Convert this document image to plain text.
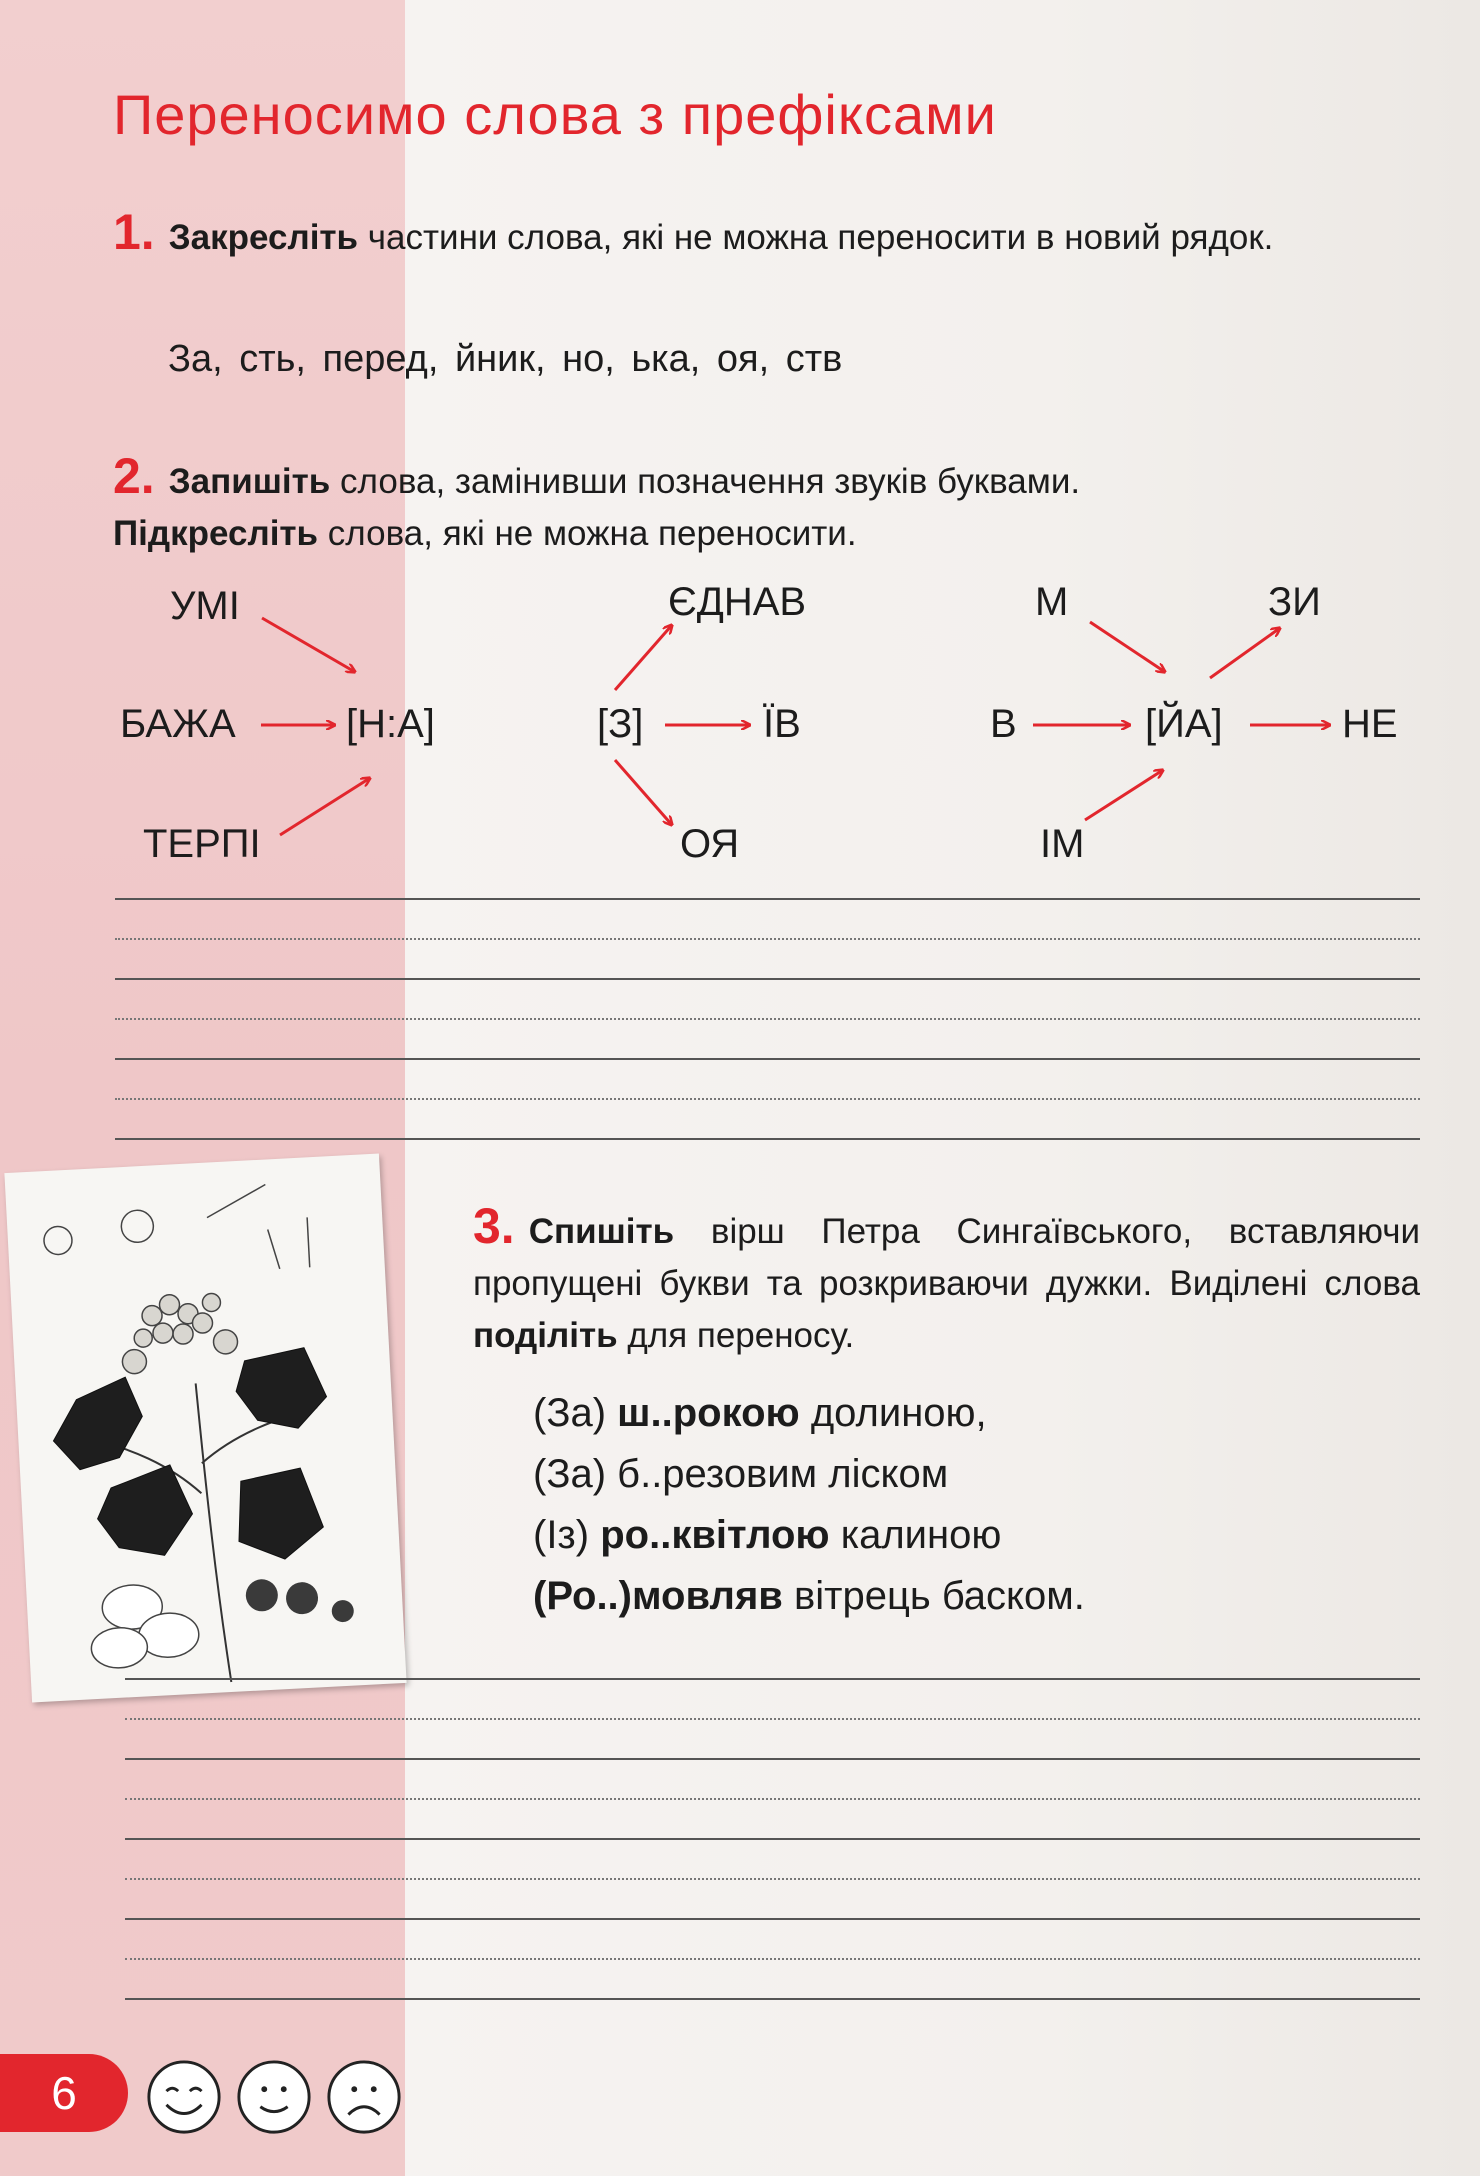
Переносимо слова з префіксами
1. Закресліть частини слова, які не можна переносити в новий рядок.
За, сть, перед, йник, но, ька, оя, ств
2. Запишіть слова, замінивши позначення звуків буквами.
Підкресліть слова, які не можна переносити.
УМІ
БАЖА
ТЕРПІ
[Н:А]	[З]
ЄДНАВ
ЇВ
ОЯ
М
В
ІМ
[ЙА]
ЗИ
НЕ
3. Спишіть вірш Петра Сингаївського, вставляючи пропущені букви та розкриваючи дужки. Виділені слова поділіть для переносу.
(За) ш..рокою долиною,
(За) б..резовим ліском
(Із) ро..квітлою калиною
(Ро..)мовляв вітрець баском.
6
